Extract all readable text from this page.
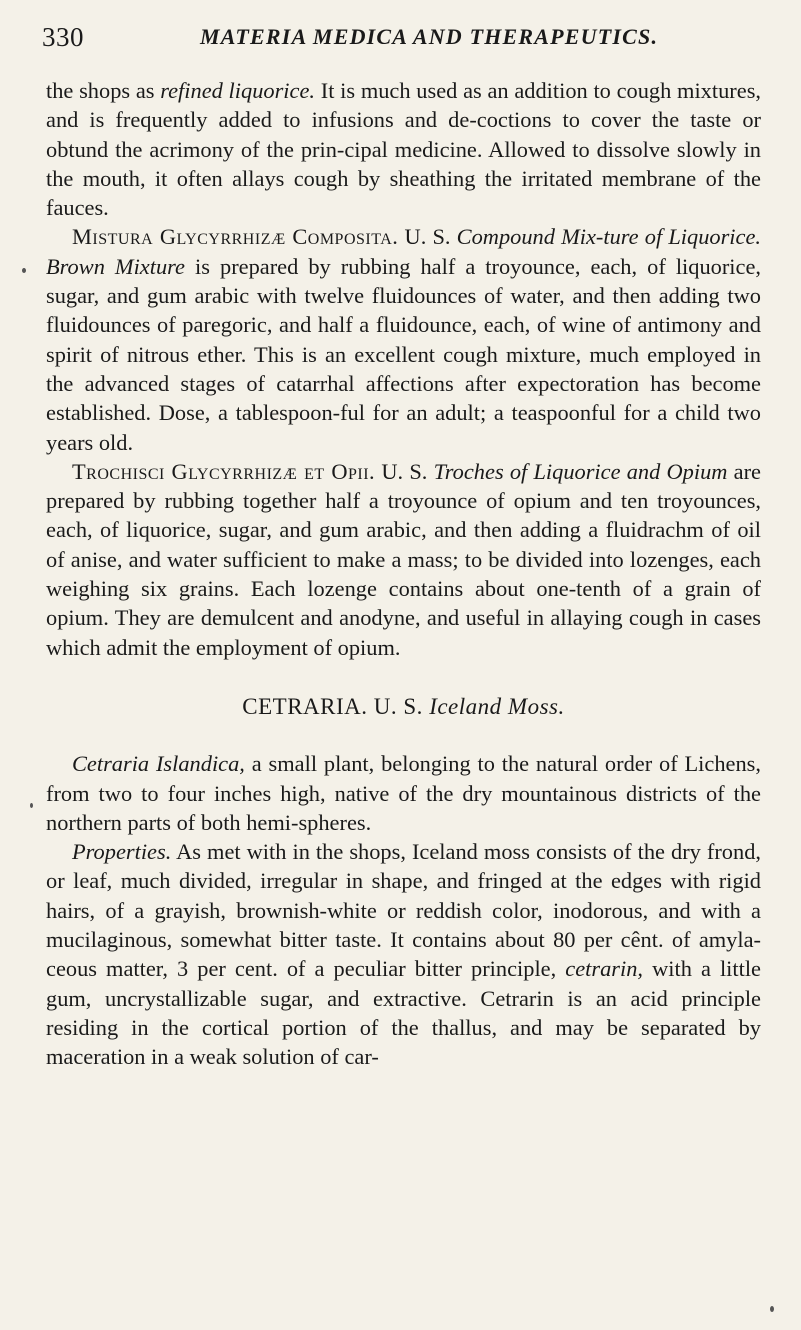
330	MATERIA MEDICA AND THERAPEUTICS.

the shops as refined liquorice. It is much used as an addition to cough mixtures, and is frequently added to infusions and de-coctions to cover the taste or obtund the acrimony of the prin-cipal medicine. Allowed to dissolve slowly in the mouth, it often allays cough by sheathing the irritated membrane of the fauces.

Mistura Glycyrrhizæ Composita. U. S. Compound Mix-ture of Liquorice. Brown Mixture is prepared by rubbing half a troyounce, each, of liquorice, sugar, and gum arabic with twelve fluidounces of water, and then adding two fluidounces of paregoric, and half a fluidounce, each, of wine of antimony and spirit of nitrous ether. This is an excellent cough mixture, much employed in the advanced stages of catarrhal affections after expectoration has become established. Dose, a tablespoon-ful for an adult; a teaspoonful for a child two years old.

Trochisci Glycyrrhizæ et Opii. U. S. Troches of Liquorice and Opium are prepared by rubbing together half a troyounce of opium and ten troyounces, each, of liquorice, sugar, and gum arabic, and then adding a fluidrachm of oil of anise, and water sufficient to make a mass; to be divided into lozenges, each weighing six grains. Each lozenge contains about one-tenth of a grain of opium. They are demulcent and anodyne, and useful in allaying cough in cases which admit the employment of opium.

CETRARIA. U. S. Iceland Moss.

Cetraria Islandica, a small plant, belonging to the natural order of Lichens, from two to four inches high, native of the dry mountainous districts of the northern parts of both hemi-spheres.

Properties. As met with in the shops, Iceland moss consists of the dry frond, or leaf, much divided, irregular in shape, and fringed at the edges with rigid hairs, of a grayish, brownish-white or reddish color, inodorous, and with a mucilaginous, somewhat bitter taste. It contains about 80 per cênt. of amyla-ceous matter, 3 per cent. of a peculiar bitter principle, cetrarin, with a little gum, uncrystallizable sugar, and extractive. Cetrarin is an acid principle residing in the cortical portion of the thallus, and may be separated by maceration in a weak solution of car-
